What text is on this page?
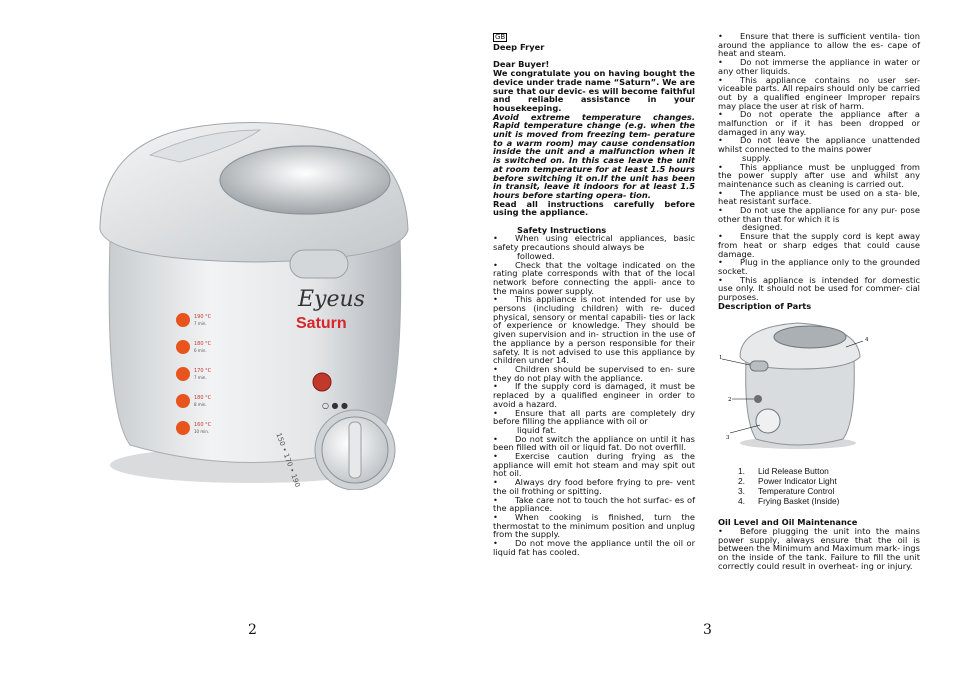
Eyeus
Saturn
190 °C
7 min.
180 °C
6 min.
170 °C
7 min.
180 °C
8 min.
160 °C
10 min.
150 • 170 • 190
○ ● ●
2	3
GB

Deep Fryer

Dear Buyer!

We congratulate you on having bought the device under trade name “Saturn”. We are sure that our devic- es will become faithful and reliable assistance in your housekeeping.

Avoid extreme temperature changes. Rapid temperature change (e.g. when the unit is moved from freezing tem- perature to a warm room) may cause condensation inside the unit and a malfunction when it is switched on. In this case leave the unit at room temperature for at least 1.5 hours before switching it on.If the unit has been in transit, leave it indoors for at least 1.5 hours before starting opera- tion.

Read all instructions carefully before using the appliance.

Safety Instructions

• When using electrical appliances, basic safety precautions should always be
followed.
• Check that the voltage indicated on the rating plate corresponds with that of the local network before connecting the appli- ance to the mains power supply.
• This appliance is not intended for use by persons (including children) with re- duced physical, sensory or mental capabili- ties or lack of experience or knowledge. They should be given supervision and in- struction in the use of the appliance by a person responsible for their safety. It is not advised to use this appliance by children under 14.
• Children should be supervised to en- sure they do not play with the appliance.
• If the supply cord is damaged, it must be replaced by a qualified engineer in order to avoid a hazard.
• Ensure that all parts are completely dry before filling the appliance with oil or
liquid fat.
• Do not switch the appliance on until it has been filled with oil or liquid fat. Do not overfill.
• Exercise caution during frying as the appliance will emit hot steam and may spit out hot oil.
• Always dry food before frying to pre- vent the oil frothing or spitting.
• Take care not to touch the hot surfac- es of the appliance.
• When cooking is finished, turn the thermostat to the minimum position and unplug from the supply.
• Do not move the appliance until the oil or liquid fat has cooled.
• Ensure that there is sufficient ventila- tion around the appliance to allow the es- cape of heat and steam.
• Do not immerse the appliance in water or any other liquids.
• This appliance contains no user ser- viceable parts. All repairs should only be carried out by a qualified engineer Improper repairs may place the user at risk of harm.
• Do not operate the appliance after a malfunction or if it has been dropped or damaged in any way.
• Do not leave the appliance unattended whilst connected to the mains power
supply.
• This appliance must be unplugged from the power supply after use and whilst any maintenance such as cleaning is carried out.
• The appliance must be used on a sta- ble, heat resistant surface.
• Do not use the appliance for any pur- pose other than that for which it is
designed.
• Ensure that the supply cord is kept away from heat or sharp edges that could cause damage.
• Plug in the appliance only to the grounded socket.
• This appliance is intended for domestic use only. It should not be used for commer- cial purposes.

Description of Parts

1
2
3
4
1. Lid Release Button
2. Power Indicator Light
3. Temperature Control
4. Frying Basket (Inside)

Oil Level and Oil Maintenance

• Before plugging the unit into the mains power supply, always ensure that the oil is between the Minimum and Maximum mark- ings on the inside of the tank. Failure to fill the unit correctly could result in overheat- ing or injury.
